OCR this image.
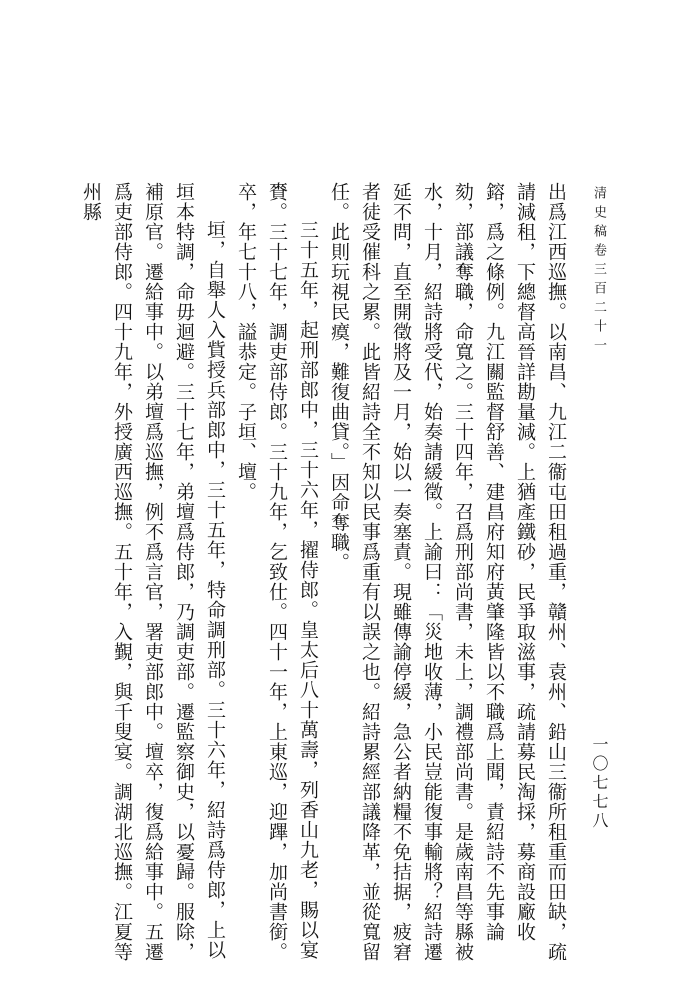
清史稿卷三百二十一
一〇七七八

出爲江西巡撫。以南昌、九江二衞屯田租過重，贛州、袁州、鉛山三衞所租重而田缺，疏請減租，下總督高晉詳勘量減。上猶產鐵砂，民爭取滋事，疏請募民淘採，募商設廠收鎔，爲之條例。九江關監督舒善、建昌府知府黃肇隆皆以不職爲上聞，責紹詩不先事論劾，部議奪職，命寬之。三十四年，召爲刑部尚書，未上，調禮部尚書。是歲南昌等縣被水，十月，紹詩將受代，始奏請緩徵。上諭曰：「災地收薄，小民豈能復事輸將？紹詩遷延不問，直至開徵將及一月，始以一奏塞責。現雖傳諭停緩，急公者納糧不免拮据，疲窘者徒受催科之累。此皆紹詩全不知以民事爲重有以誤之也。紹詩累經部議降革，並從寬留任。此則玩視民瘼，難復曲貸。」因命奪職。

三十五年，起刑部郎中，三十六年，擢侍郎。皇太后八十萬壽，列香山九老，賜以宴賚。三十七年，調吏部侍郎。三十九年，乞致仕。四十一年，上東巡，迎蹕，加尚書銜。卒，年七十八，謚恭定。子垣、壇。

垣，自舉人入貲授兵部郎中，三十五年，特命調刑部。三十六年，紹詩爲侍郎，上以垣本特調，命毋迴避。三十七年，弟壇爲侍郎，乃調吏部。遷監察御史，以憂歸。服除，補原官。遷給事中。以弟壇爲巡撫，例不爲言官，署吏部郎中。壇卒，復爲給事中。五遷爲吏部侍郎。四十九年，外授廣西巡撫。五十年，入覲，與千叟宴。調湖北巡撫。江夏等州縣
